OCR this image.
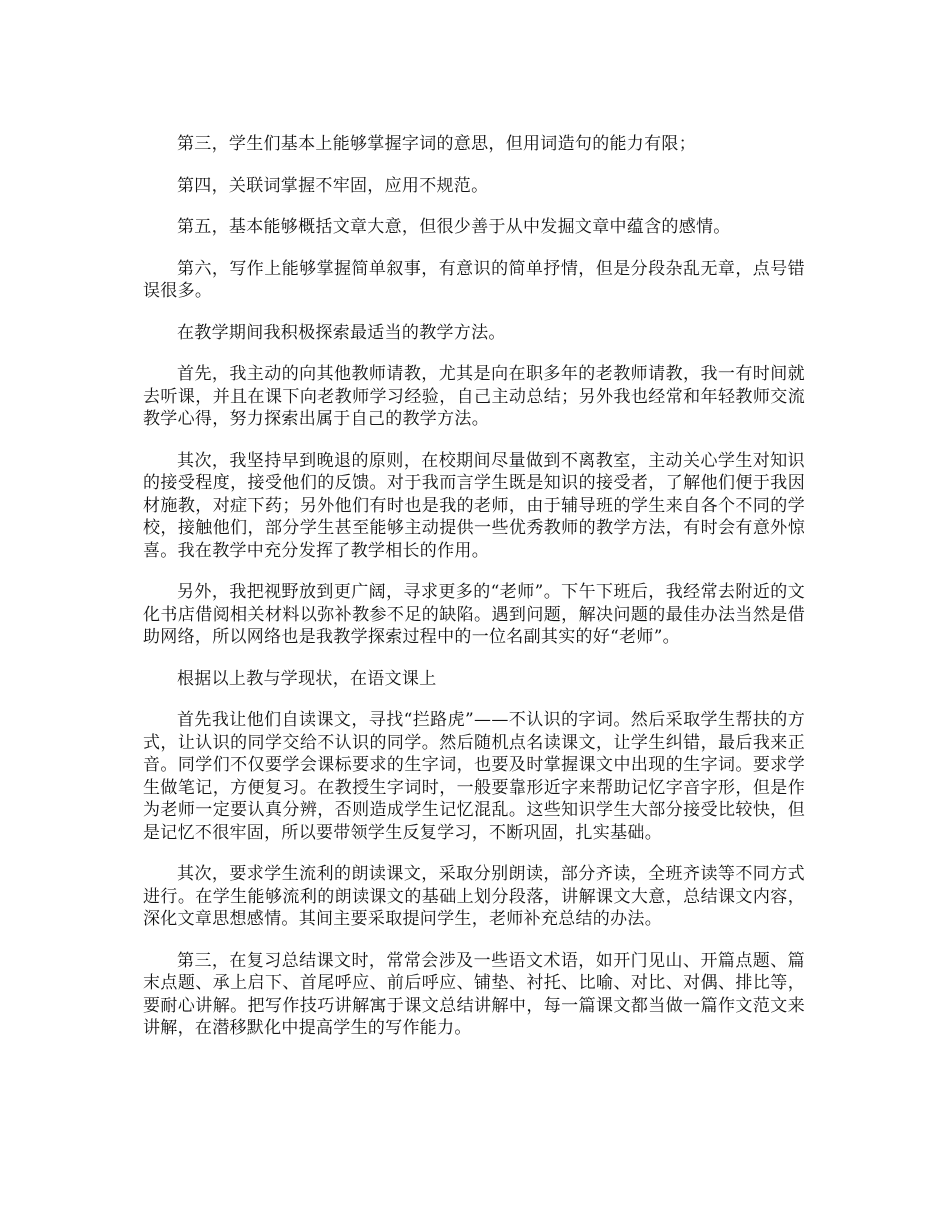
第三，学生们基本上能够掌握字词的意思，但用词造句的能力有限；

第四，关联词掌握不牢固，应用不规范。

第五，基本能够概括文章大意，但很少善于从中发掘文章中蕴含的感情。

第六，写作上能够掌握简单叙事，有意识的简单抒情，但是分段杂乱无章，点号错误很多。

在教学期间我积极探索最适当的教学方法。

首先，我主动的向其他教师请教，尤其是向在职多年的老教师请教，我一有时间就去听课，并且在课下向老教师学习经验，自己主动总结；另外我也经常和年轻教师交流教学心得，努力探索出属于自己的教学方法。

其次，我坚持早到晚退的原则，在校期间尽量做到不离教室，主动关心学生对知识的接受程度，接受他们的反馈。对于我而言学生既是知识的接受者，了解他们便于我因材施教，对症下药；另外他们有时也是我的老师，由于辅导班的学生来自各个不同的学校，接触他们，部分学生甚至能够主动提供一些优秀教师的教学方法，有时会有意外惊喜。我在教学中充分发挥了教学相长的作用。

另外，我把视野放到更广阔，寻求更多的“老师”。下午下班后，我经常去附近的文化书店借阅相关材料以弥补教参不足的缺陷。遇到问题，解决问题的最佳办法当然是借助网络，所以网络也是我教学探索过程中的一位名副其实的好“老师”。

根据以上教与学现状，在语文课上

首先我让他们自读课文，寻找“拦路虎”——不认识的字词。然后采取学生帮扶的方式，让认识的同学交给不认识的同学。然后随机点名读课文，让学生纠错，最后我来正音。同学们不仅要学会课标要求的生字词，也要及时掌握课文中出现的生字词。要求学生做笔记，方便复习。在教授生字词时，一般要靠形近字来帮助记忆字音字形，但是作为老师一定要认真分辨，否则造成学生记忆混乱。这些知识学生大部分接受比较快，但是记忆不很牢固，所以要带领学生反复学习，不断巩固，扎实基础。

其次，要求学生流利的朗读课文，采取分别朗读，部分齐读，全班齐读等不同方式进行。在学生能够流利的朗读课文的基础上划分段落，讲解课文大意，总结课文内容，深化文章思想感情。其间主要采取提问学生，老师补充总结的办法。

第三，在复习总结课文时，常常会涉及一些语文术语，如开门见山、开篇点题、篇末点题、承上启下、首尾呼应、前后呼应、铺垫、衬托、比喻、对比、对偶、排比等，要耐心讲解。把写作技巧讲解寓于课文总结讲解中，每一篇课文都当做一篇作文范文来讲解，在潜移默化中提高学生的写作能力。
